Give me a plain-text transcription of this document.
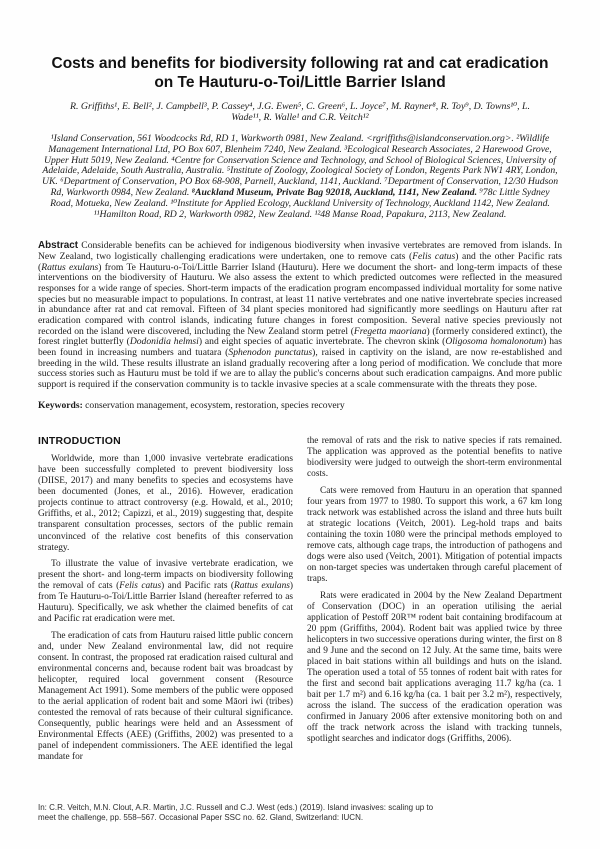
Costs and benefits for biodiversity following rat and cat eradication on Te Hauturu-o-Toi/Little Barrier Island

R. Griffiths¹, E. Bell², J. Campbell³, P. Cassey⁴, J.G. Ewen⁵, C. Green⁶, L. Joyce⁷, M. Rayner⁸, R. Toy⁹, D. Towns¹⁰, L. Wade¹¹, R. Walle¹ and C.R. Veitch¹²

¹Island Conservation, 561 Woodcocks Rd, RD 1, Warkworth 0981, New Zealand. <rgriffiths@islandconservation.org>. ²Wildlife Management International Ltd, PO Box 607, Blenheim 7240, New Zealand. ³Ecological Research Associates, 2 Harewood Grove, Upper Hutt 5019, New Zealand. ⁴Centre for Conservation Science and Technology, and School of Biological Sciences, University of Adelaide, Adelaide, South Australia, Australia. ⁵Institute of Zoology, Zoological Society of London, Regents Park NW1 4RY, London, UK. ⁶Department of Conservation, PO Box 68-908, Parnell, Auckland, 1141, Auckland. ⁷Department of Conservation, 12/30 Hudson Rd, Warkworth 0984, New Zealand. ⁸Auckland Museum, Private Bag 92018, Auckland, 1141, New Zealand. ⁹78c Little Sydney Road, Motueka, New Zealand. ¹⁰Institute for Applied Ecology, Auckland University of Technology, Auckland 1142, New Zealand. ¹¹Hamilton Road, RD 2, Warkworth 0982, New Zealand. ¹²48 Manse Road, Papakura, 2113, New Zealand.

Abstract Considerable benefits can be achieved for indigenous biodiversity when invasive vertebrates are removed from islands. In New Zealand, two logistically challenging eradications were undertaken, one to remove cats (Felis catus) and the other Pacific rats (Rattus exulans) from Te Hauturu-o-Toi/Little Barrier Island (Hauturu). Here we document the short- and long-term impacts of these interventions on the biodiversity of Hauturu. We also assess the extent to which predicted outcomes were reflected in the measured responses for a wide range of species. Short-term impacts of the eradication program encompassed individual mortality for some native species but no measurable impact to populations. In contrast, at least 11 native vertebrates and one native invertebrate species increased in abundance after rat and cat removal. Fifteen of 34 plant species monitored had significantly more seedlings on Hauturu after rat eradication compared with control islands, indicating future changes in forest composition. Several native species previously not recorded on the island were discovered, including the New Zealand storm petrel (Fregetta maoriana) (formerly considered extinct), the forest ringlet butterfly (Dodonidia helmsi) and eight species of aquatic invertebrate. The chevron skink (Oligosoma homalonotum) has been found in increasing numbers and tuatara (Sphenodon punctatus), raised in captivity on the island, are now re-established and breeding in the wild. These results illustrate an island gradually recovering after a long period of modification. We conclude that more success stories such as Hauturu must be told if we are to allay the public's concerns about such eradication campaigns. And more public support is required if the conservation community is to tackle invasive species at a scale commensurate with the threats they pose.

Keywords: conservation management, ecosystem, restoration, species recovery

INTRODUCTION

Worldwide, more than 1,000 invasive vertebrate eradications have been successfully completed to prevent biodiversity loss (DIISE, 2017) and many benefits to species and ecosystems have been documented (Jones, et al., 2016). However, eradication projects continue to attract controversy (e.g. Howald, et al., 2010; Griffiths, et al., 2012; Capizzi, et al., 2019) suggesting that, despite transparent consultation processes, sectors of the public remain unconvinced of the relative cost benefits of this conservation strategy.

To illustrate the value of invasive vertebrate eradication, we present the short- and long-term impacts on biodiversity following the removal of cats (Felis catus) and Pacific rats (Rattus exulans) from Te Hauturu-o-Toi/Little Barrier Island (hereafter referred to as Hauturu). Specifically, we ask whether the claimed benefits of cat and Pacific rat eradication were met.

The eradication of cats from Hauturu raised little public concern and, under New Zealand environmental law, did not require consent. In contrast, the proposed rat eradication raised cultural and environmental concerns and, because rodent bait was broadcast by helicopter, required local government consent (Resource Management Act 1991). Some members of the public were opposed to the aerial application of rodent bait and some Māori iwi (tribes) contested the removal of rats because of their cultural significance. Consequently, public hearings were held and an Assessment of Environmental Effects (AEE) (Griffiths, 2002) was presented to a panel of independent commissioners. The AEE identified the legal mandate for

the removal of rats and the risk to native species if rats remained. The application was approved as the potential benefits to native biodiversity were judged to outweigh the short-term environmental costs.

Cats were removed from Hauturu in an operation that spanned four years from 1977 to 1980. To support this work, a 67 km long track network was established across the island and three huts built at strategic locations (Veitch, 2001). Leg-hold traps and baits containing the toxin 1080 were the principal methods employed to remove cats, although cage traps, the introduction of pathogens and dogs were also used (Veitch, 2001). Mitigation of potential impacts on non-target species was undertaken through careful placement of traps.

Rats were eradicated in 2004 by the New Zealand Department of Conservation (DOC) in an operation utilising the aerial application of Pestoff 20R™ rodent bait containing brodifacoum at 20 ppm (Griffiths, 2004). Rodent bait was applied twice by three helicopters in two successive operations during winter, the first on 8 and 9 June and the second on 12 July. At the same time, baits were placed in bait stations within all buildings and huts on the island. The operation used a total of 55 tonnes of rodent bait with rates for the first and second bait applications averaging 11.7 kg/ha (ca. 1 bait per 1.7 m²) and 6.16 kg/ha (ca. 1 bait per 3.2 m²), respectively, across the island. The success of the eradication operation was confirmed in January 2006 after extensive monitoring both on and off the track network across the island with tracking tunnels, spotlight searches and indicator dogs (Griffiths, 2006).

In: C.R. Veitch, M.N. Clout, A.R. Martin, J.C. Russell and C.J. West (eds.) (2019). Island invasives: scaling up to meet the challenge, pp. 558–567. Occasional Paper SSC no. 62. Gland, Switzerland: IUCN.
